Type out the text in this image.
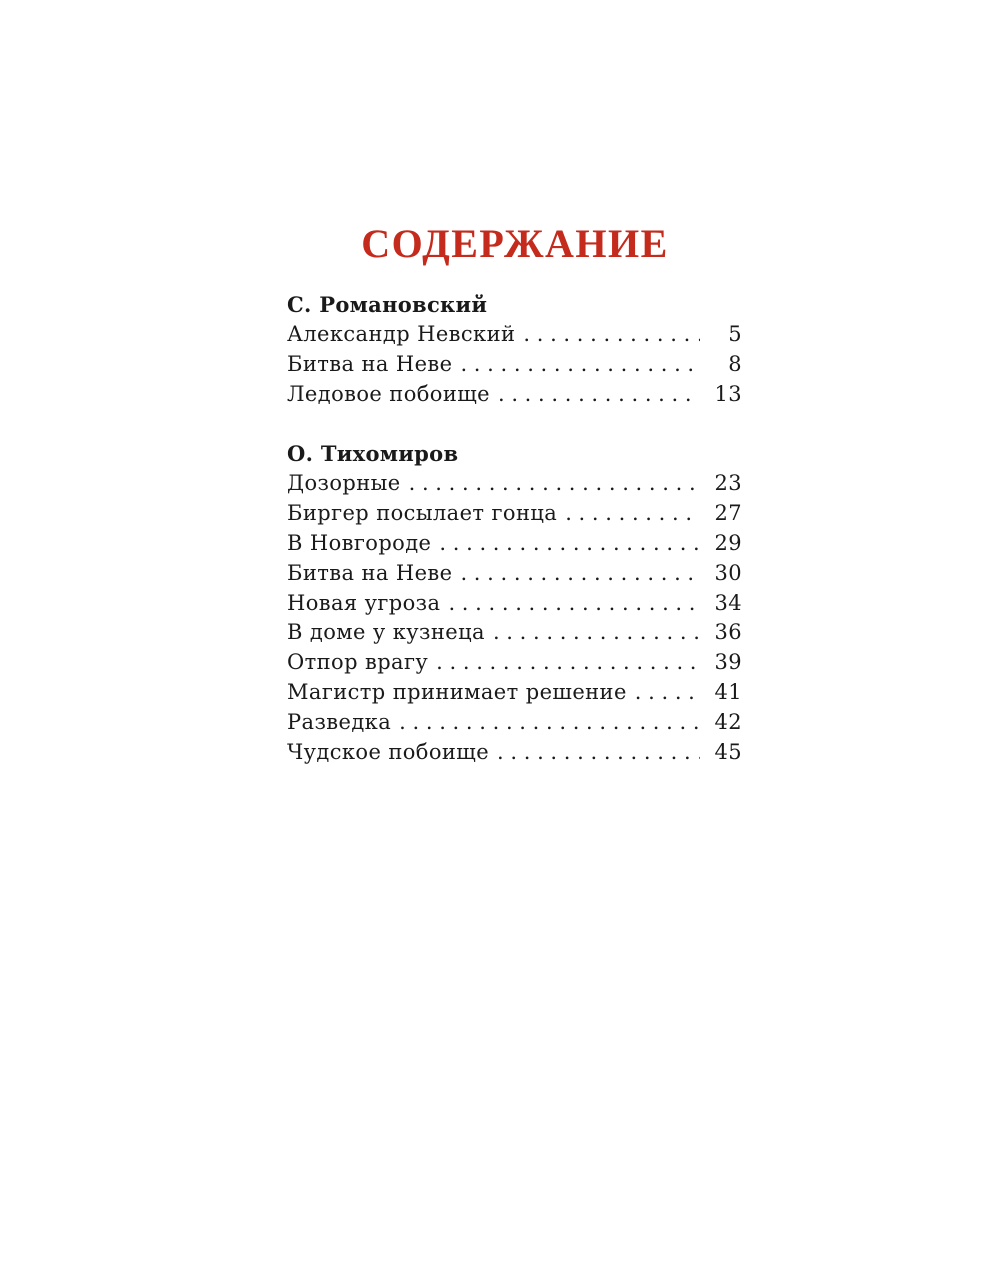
СОДЕРЖАНИЕ

С. Романовский

Александр Невский . . .	5
Битва на Неве . . .	8
Ледовое побоище . . .	13

О. Тихомиров

Дозорные . . .	23
Биргер посылает гонца . . .	27
В Новгороде . . .	29
Битва на Неве . . .	30
Новая угроза . . .	34
В доме у кузнеца . . .	36
Отпор врагу . . .	39
Магистр принимает решение . . .	41
Разведка . . .	42
Чудское побоище . . .	45
